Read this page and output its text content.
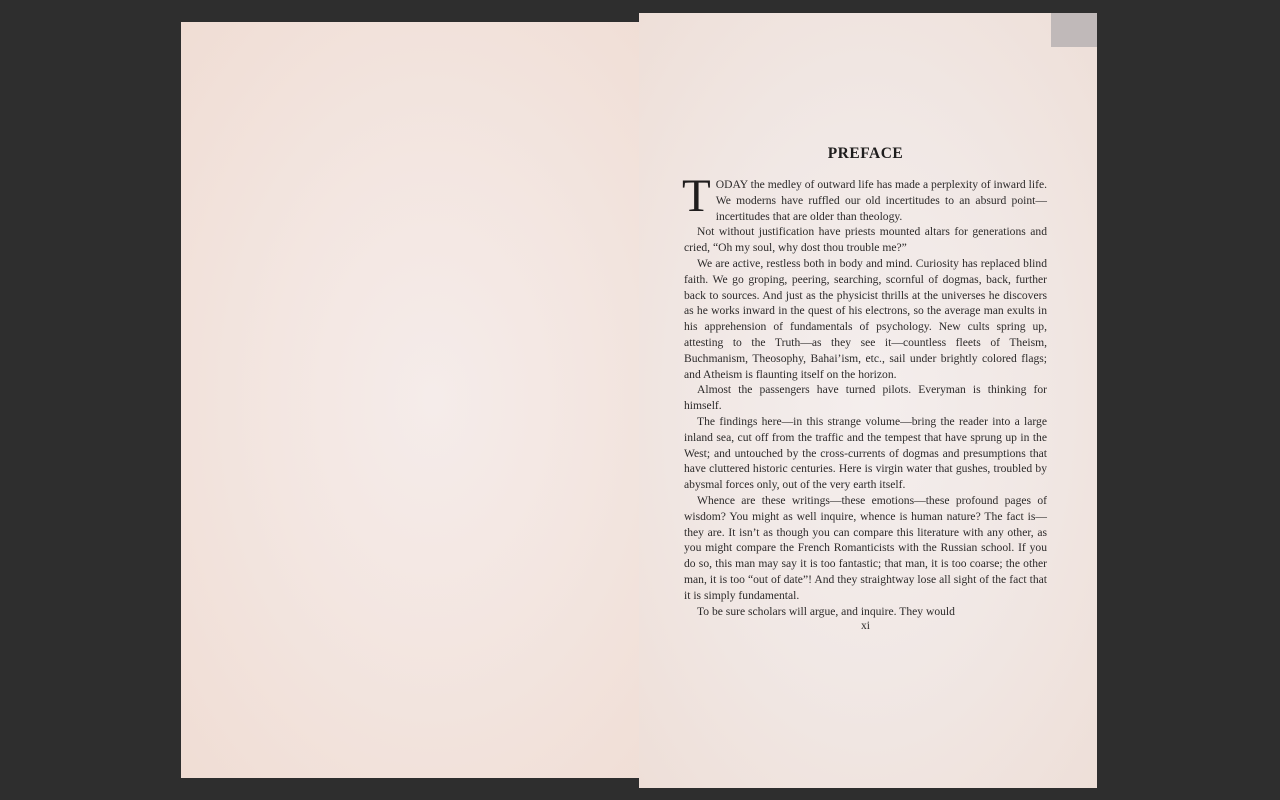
PREFACE

TODAY the medley of outward life has made a perplexity of inward life. We moderns have ruffled our old incertitudes to an absurd point—incertitudes that are older than theology.

Not without justification have priests mounted altars for generations and cried, “Oh my soul, why dost thou trouble me?”

We are active, restless both in body and mind. Curiosity has replaced blind faith. We go groping, peering, searching, scornful of dogmas, back, further back to sources. And just as the physicist thrills at the universes he discovers as he works inward in the quest of his electrons, so the average man exults in his apprehension of fundamentals of psychology. New cults spring up, attesting to the Truth—as they see it—countless fleets of Theism, Buchmanism, Theosophy, Bahai’ism, etc., sail under brightly colored flags; and Atheism is flaunting itself on the horizon.

Almost the passengers have turned pilots. Everyman is thinking for himself.

The findings here—in this strange volume—bring the reader into a large inland sea, cut off from the traffic and the tempest that have sprung up in the West; and untouched by the cross-currents of dogmas and presumptions that have cluttered historic centuries. Here is virgin water that gushes, troubled by abysmal forces only, out of the very earth itself.

Whence are these writings—these emotions—these profound pages of wisdom? You might as well inquire, whence is human nature? The fact is—they are. It isn’t as though you can compare this literature with any other, as you might compare the French Romanticists with the Russian school. If you do so, this man may say it is too fantastic; that man, it is too coarse; the other man, it is too “out of date”! And they straightway lose all sight of the fact that it is simply fundamental.

To be sure scholars will argue, and inquire. They would

xi
